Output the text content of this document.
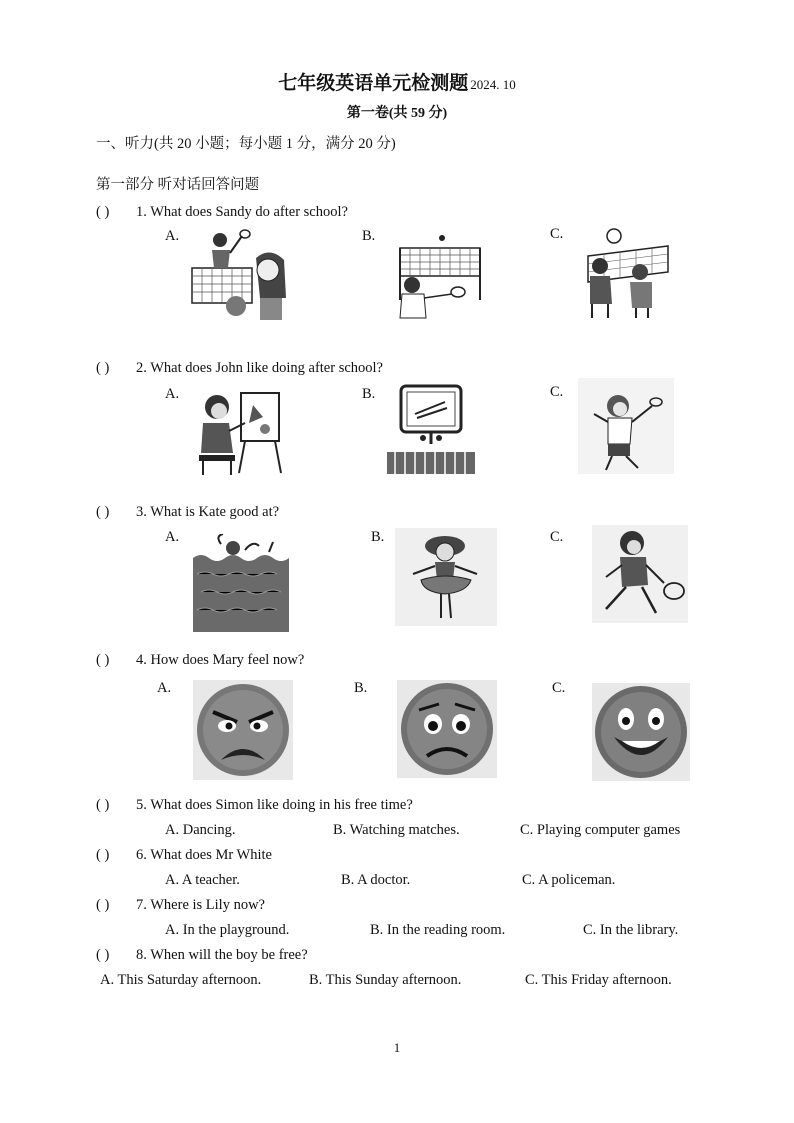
七年级英语单元检测题 2024. 10
第一卷(共 59 分)
一、听力(共 20 小题；每小题 1 分，满分 20 分)
第一部分 听对话回答问题
( ) 1. What does Sandy do after school?
A.	B.	C.
( ) 2. What does John like doing after school?
A.	B.	C.
( ) 3. What is Kate good at?
A.	B.	C.
( ) 4. How does Mary feel now?
A.	B.	C.
( ) 5. What does Simon like doing in his free time?
A. Dancing.	B. Watching matches.	C. Playing computer games
( ) 6. What does Mr White
A. A teacher.	B. A doctor.	C. A policeman.
( ) 7. Where is Lily now?
A. In the playground.	B. In the reading room.	C. In the library.
( ) 8. When will the boy be free?
A. This Saturday afternoon.	B. This Sunday afternoon.	C. This Friday afternoon.
1
